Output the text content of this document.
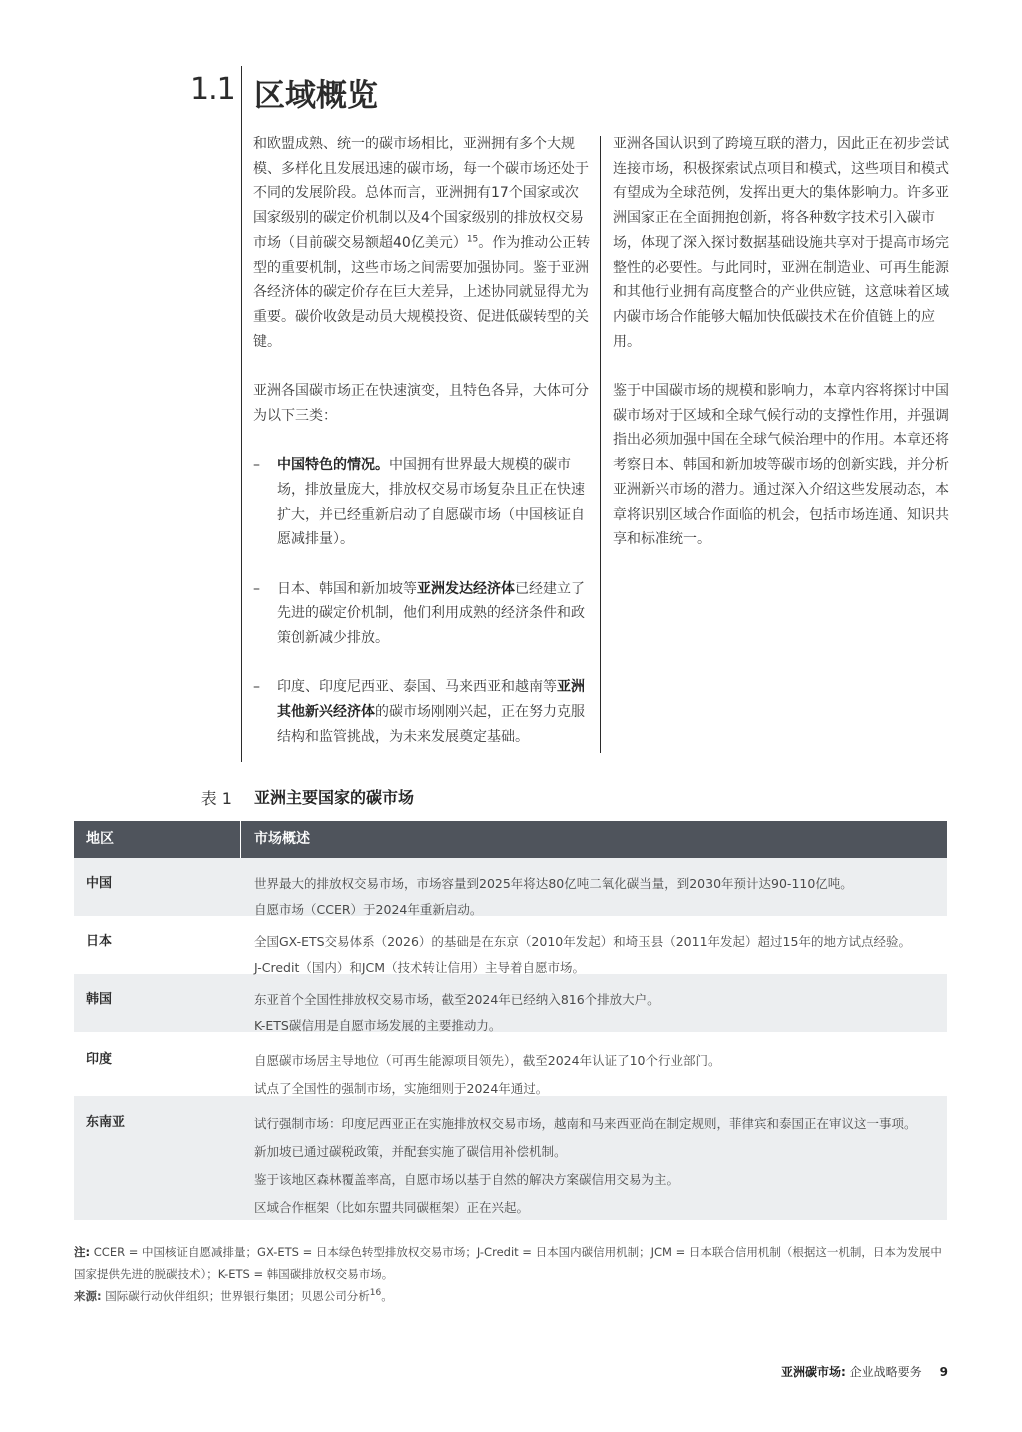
1.1 区域概览

和欧盟成熟、统一的碳市场相比，亚洲拥有多个大规模、多样化且发展迅速的碳市场，每一个碳市场还处于不同的发展阶段。总体而言，亚洲拥有17个国家或次国家级别的碳定价机制以及4个国家级别的排放权交易市场（目前碳交易额超40亿美元）$^{15}$。作为推动公正转型的重要机制，这些市场之间需要加强协同。鉴于亚洲各经济体的碳定价存在巨大差异，上述协同就显得尤为重要。碳价收敛是动员大规模投资、促进低碳转型的关键。

亚洲各国碳市场正在快速演变，且特色各异，大体可分为以下三类：

–	中国特色的情况。中国拥有世界最大规模的碳市场，排放量庞大，排放权交易市场复杂且正在快速扩大，并已经重新启动了自愿碳市场（中国核证自愿减排量）。
–	日本、韩国和新加坡等亚洲发达经济体已经建立了先进的碳定价机制，他们利用成熟的经济条件和政策创新减少排放。
–	印度、印度尼西亚、泰国、马来西亚和越南等亚洲其他新兴经济体的碳市场刚刚兴起，正在努力克服结构和监管挑战，为未来发展奠定基础。

亚洲各国认识到了跨境互联的潜力，因此正在初步尝试连接市场，积极探索试点项目和模式，这些项目和模式有望成为全球范例，发挥出更大的集体影响力。许多亚洲国家正在全面拥抱创新，将各种数字技术引入碳市场，体现了深入探讨数据基础设施共享对于提高市场完整性的必要性。与此同时，亚洲在制造业、可再生能源和其他行业拥有高度整合的产业供应链，这意味着区域内碳市场合作能够大幅加快低碳技术在价值链上的应用。

鉴于中国碳市场的规模和影响力，本章内容将探讨中国碳市场对于区域和全球气候行动的支撑性作用，并强调指出必须加强中国在全球气候治理中的作用。本章还将考察日本、韩国和新加坡等碳市场的创新实践，并分析亚洲新兴市场的潜力。通过深入介绍这些发展动态，本章将识别区域合作面临的机会，包括市场连通、知识共享和标准统一。

表 1 亚洲主要国家的碳市场
地区	市场概述
中国	世界最大的排放权交易市场，市场容量到2025年将达80亿吨二氧化碳当量，到2030年预计达90-110亿吨。

自愿市场（CCER）于2024年重新启动。

日本	全国GX-ETS交易体系（2026）的基础是在东京（2010年发起）和埼玉县（2011年发起）超过15年的地方试点经验。

J-Credit（国内）和JCM（技术转让信用）主导着自愿市场。

韩国	东亚首个全国性排放权交易市场，截至2024年已经纳入816个排放大户。

K-ETS碳信用是自愿市场发展的主要推动力。

印度	自愿碳市场居主导地位（可再生能源项目领先），截至2024年认证了10个行业部门。

试点了全国性的强制市场，实施细则于2024年通过。

东南亚	试行强制市场：印度尼西亚正在实施排放权交易市场，越南和马来西亚尚在制定规则，菲律宾和泰国正在审议这一事项。

新加坡已通过碳税政策，并配套实施了碳信用补偿机制。

鉴于该地区森林覆盖率高，自愿市场以基于自然的解决方案碳信用交易为主。

区域合作框架（比如东盟共同碳框架）正在兴起。

注: CCER = 中国核证自愿减排量；GX-ETS = 日本绿色转型排放权交易市场；J-Credit = 日本国内碳信用机制；JCM = 日本联合信用机制（根据这一机制，日本为发展中国家提供先进的脱碳技术）；K-ETS = 韩国碳排放权交易市场。
来源: 国际碳行动伙伴组织；世界银行集团；贝恩公司分析$^{16}$。
亚洲碳市场: 企业战略要务 9
